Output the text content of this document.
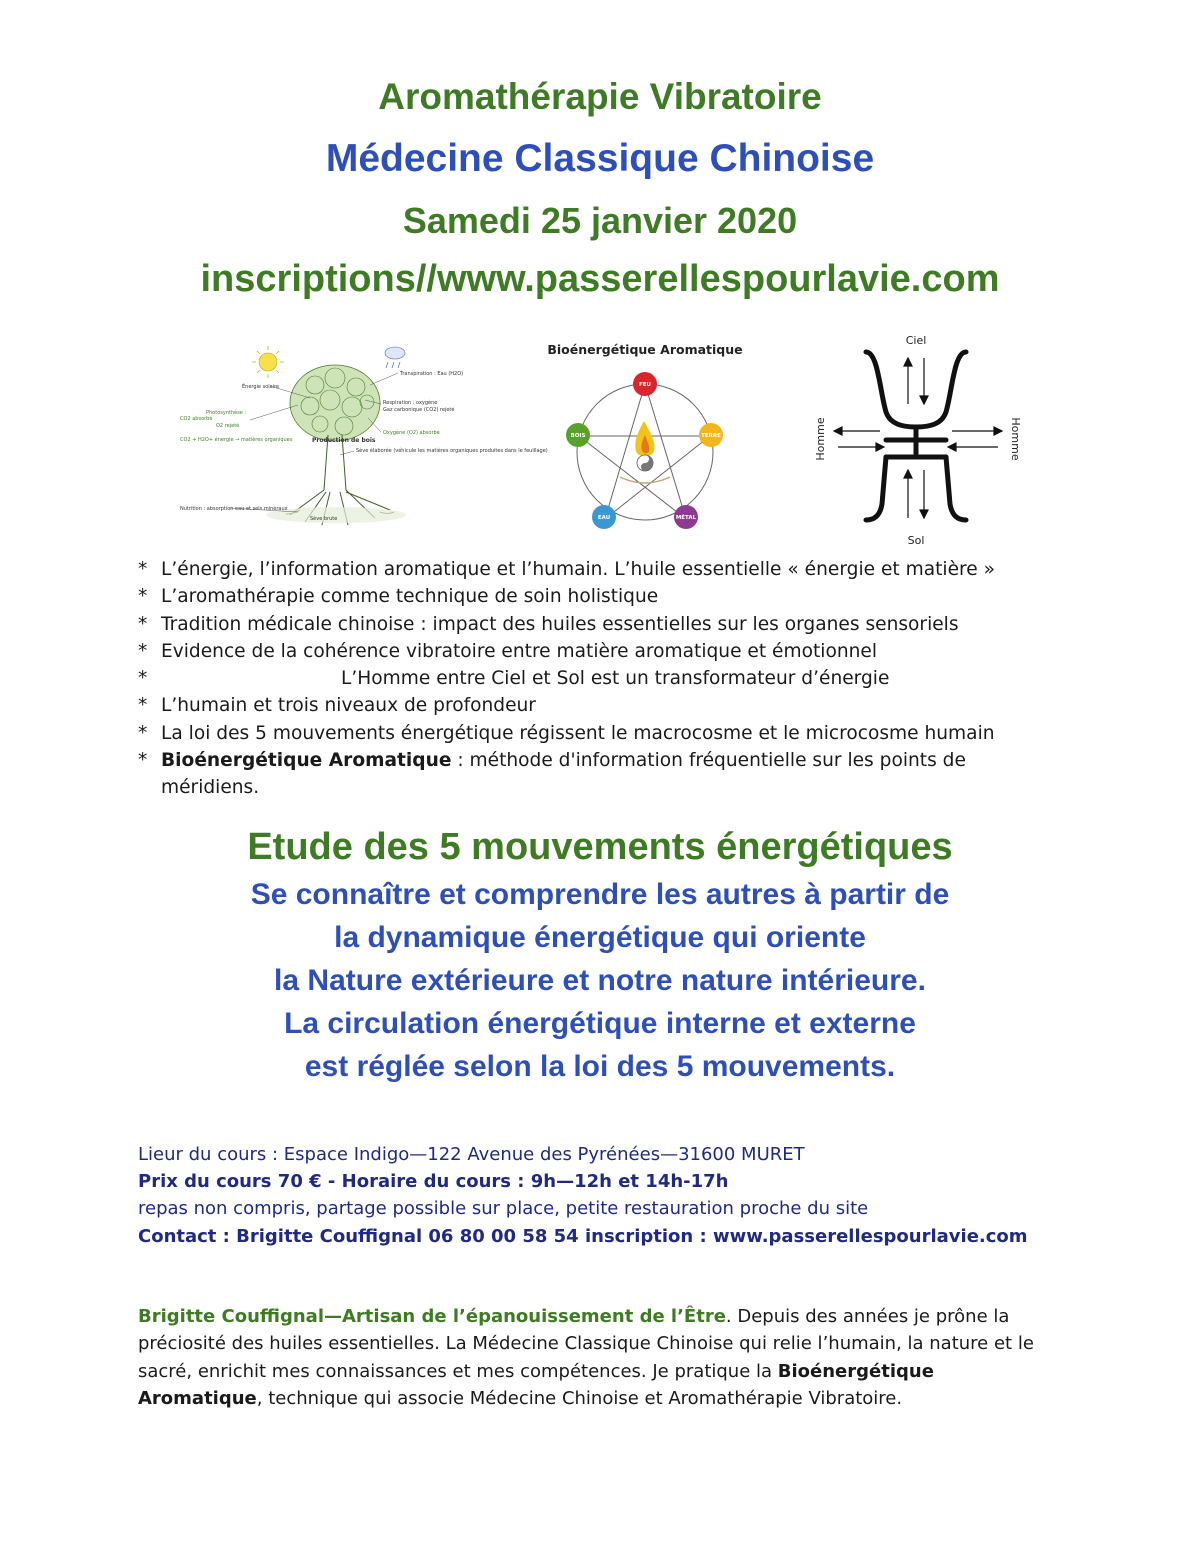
Aromathérapie Vibratoire
Médecine Classique Chinoise
Samedi 25 janvier 2020
inscriptions//www.passerellespourlavie.com
Énergie solaire
Transpiration : Eau (H2O)
Respiration : oxygène
Gaz carbonique (CO2) rejeté
Oxygène (O2) absorbé
Photosynthèse :
CO2 absorbé
O2 rejeté
CO2 + H2O+ énergie → matières organiques	Production de bois
Sève élaborée (véhicule les matières organiques produites dans le feuillage)
Nutrition : absorption eau et sels minéraux
Sève brute
Bioénergétique Aromatique
FEU
TERRE
MÉTAL
EAU
BOIS
Ciel
Sol
Homme	Homme
* L’énergie, l’information aromatique et l’humain. L’huile essentielle « énergie et matière »
* L’aromathérapie comme technique de soin holistique
* Tradition médicale chinoise : impact des huiles essentielles sur les organes sensoriels
* Evidence de la cohérence vibratoire entre matière aromatique et émotionnel
*	L’Homme entre Ciel et Sol est un transformateur d’énergie
* L’humain et trois niveaux de profondeur
* La loi des 5 mouvements énergétique régissent le macrocosme et le microcosme humain
* Bioénergétique Aromatique : méthode d'information fréquentielle sur les points de méridiens.
Etude des 5 mouvements énergétiques

Se connaître et comprendre les autres à partir de

la dynamique énergétique qui oriente

la Nature extérieure et notre nature intérieure.

La circulation énergétique interne et externe

est réglée selon la loi des 5 mouvements.

Lieur du cours : Espace Indigo—122 Avenue des Pyrénées—31600 MURET
Prix du cours 70 € - Horaire du cours : 9h—12h et 14h-17h
repas non compris, partage possible sur place, petite restauration proche du site
Contact : Brigitte Couffignal 06 80 00 58 54 inscription : www.passerellespourlavie.com

Brigitte Couffignal—Artisan de l’épanouissement de l’Être. Depuis des années je prône la préciosité des huiles essentielles. La Médecine Classique Chinoise qui relie l’humain, la nature et le sacré, enrichit mes connaissances et mes compétences. Je pratique la Bioénergétique Aromatique, technique qui associe Médecine Chinoise et Aromathérapie Vibratoire.
